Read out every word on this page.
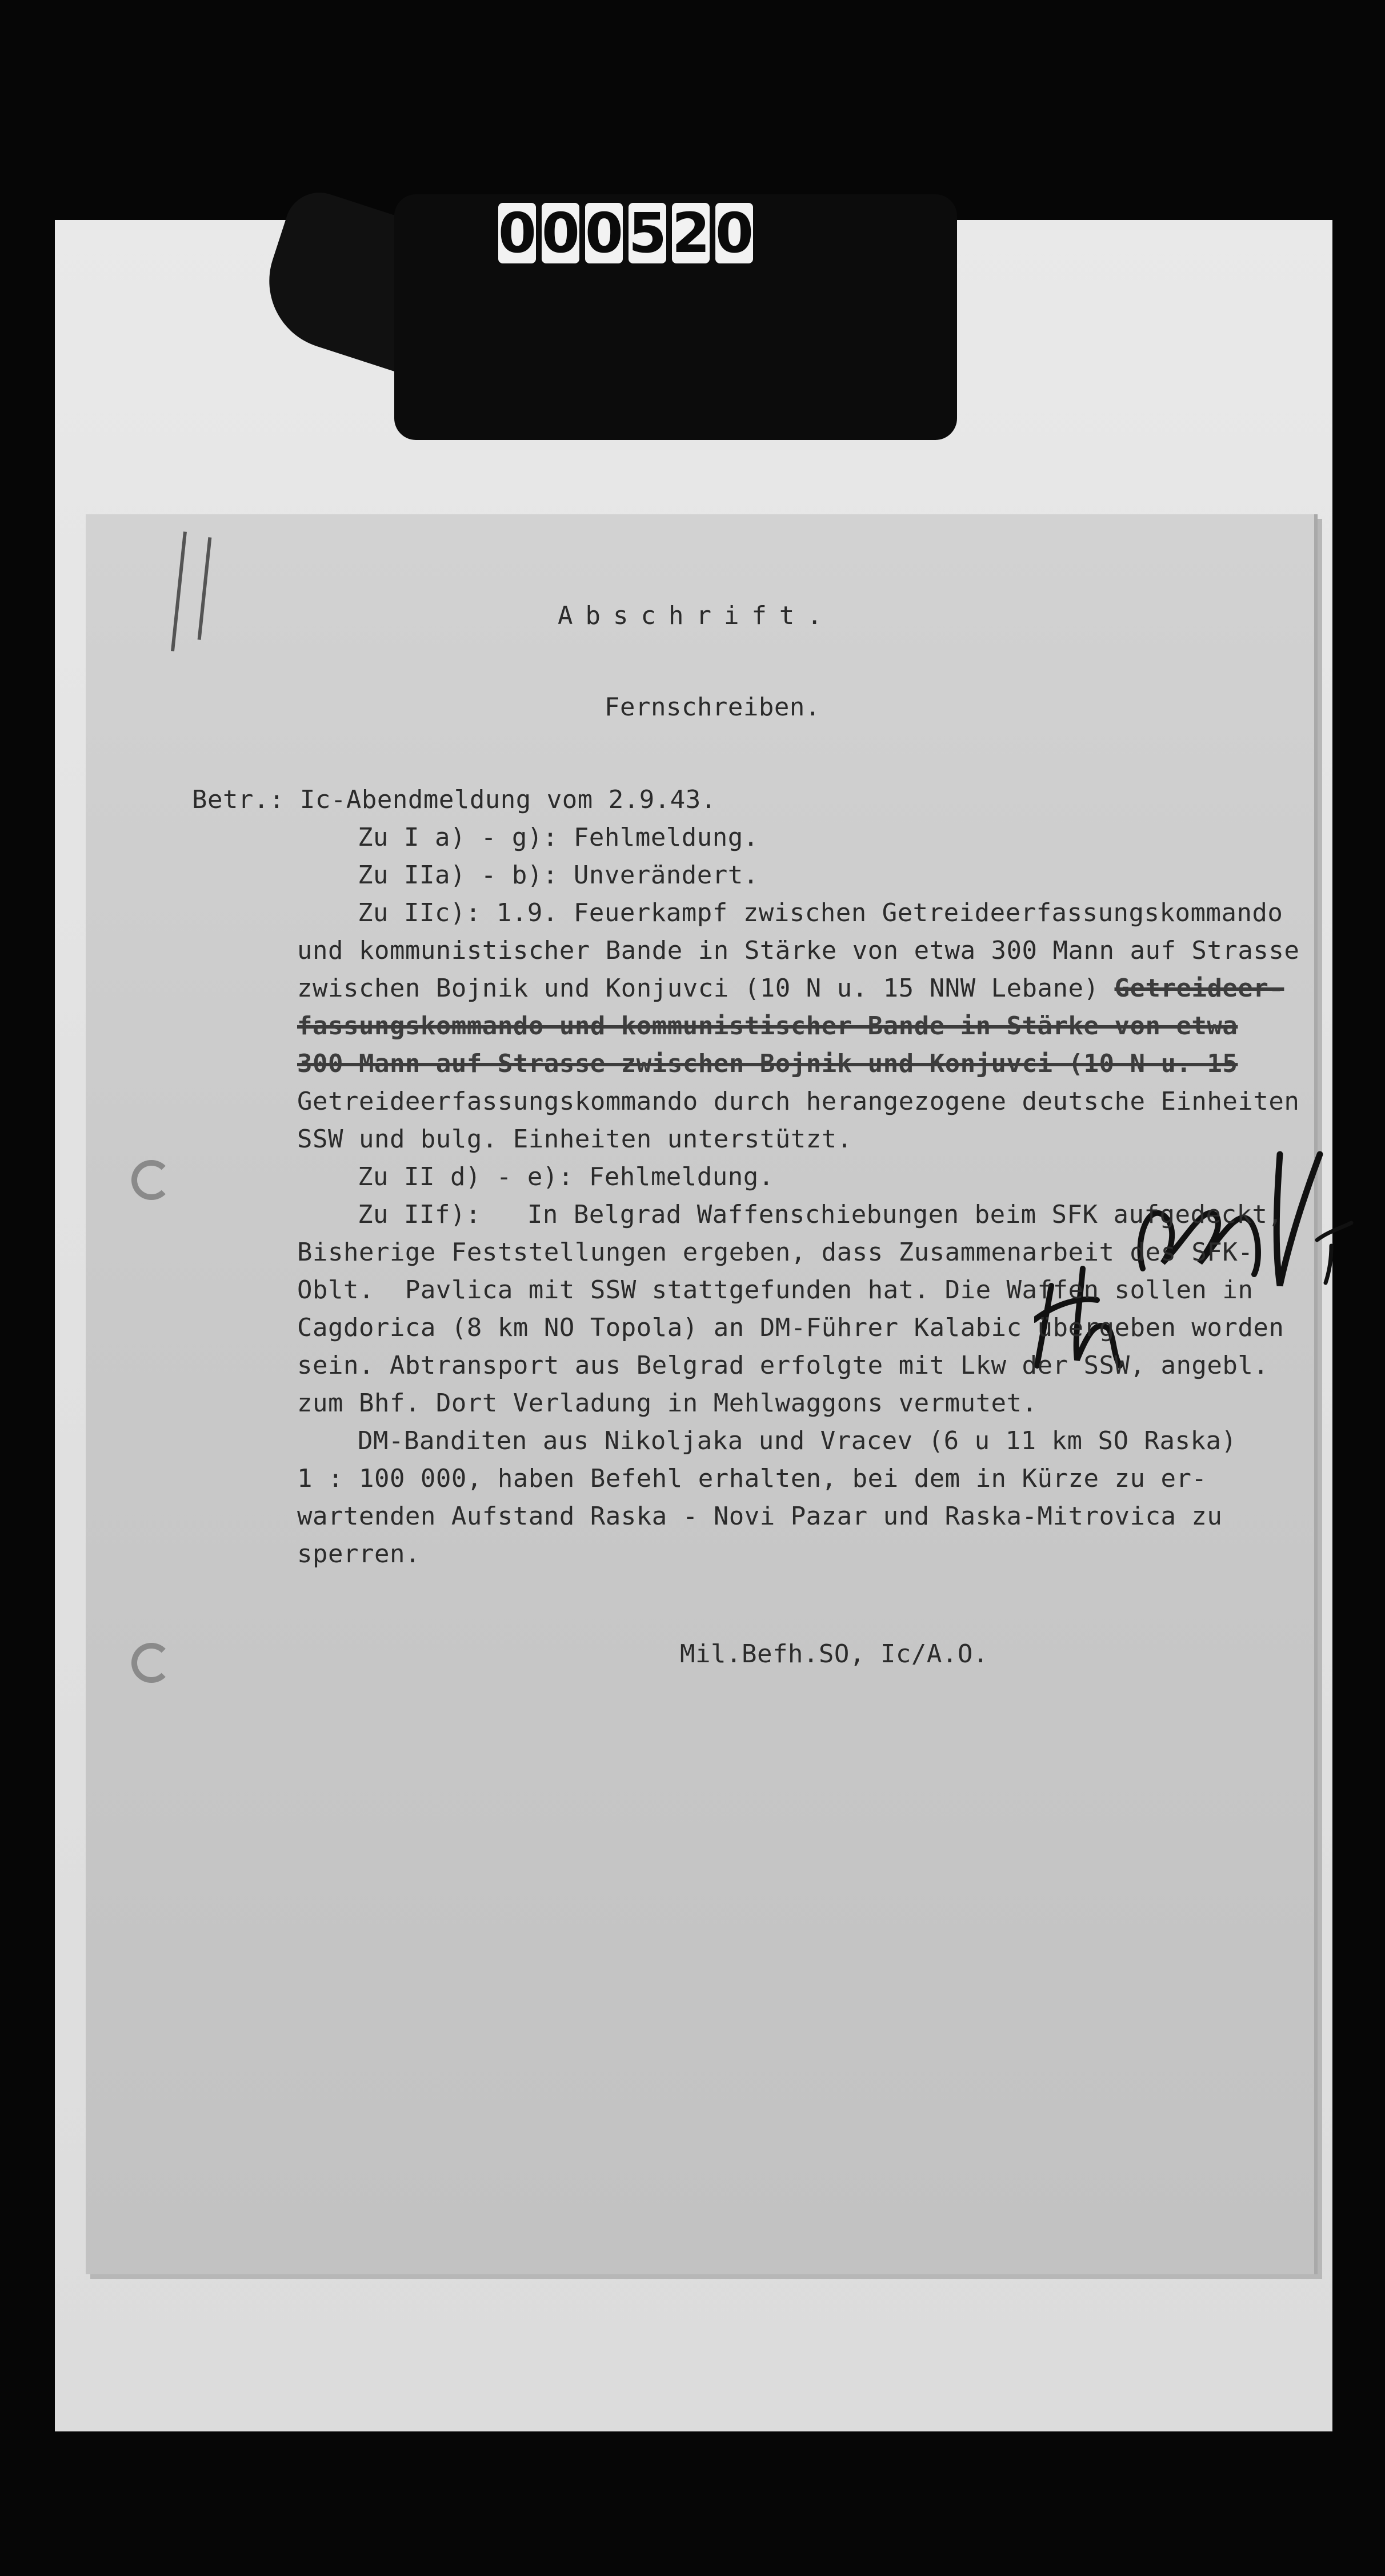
0 0 0 5 2 0
Abschrift.
Fernschreiben.
Betr.: Ic-Abendmeldung vom 2.9.43.
Zu I a) - g): Fehlmeldung.
Zu IIa) - b): Unverändert.
Zu IIc): 1.9. Feuerkampf zwischen Getreideerfassungskommando
und kommunistischer Bande in Stärke von etwa 300 Mann auf Strasse
zwischen Bojnik und Konjuvci (10 N u. 15 NNW Lebane) Getreideer-
fassungskommando und kommunistischer Bande in Stärke von etwa
300 Mann auf Strasse zwischen Bojnik und Konjuvci (10 N u. 15
Getreideerfassungskommando durch herangezogene deutsche Einheiten
SSW und bulg. Einheiten unterstützt.
Zu II d) - e): Fehlmeldung.
Zu IIf):   In Belgrad Waffenschiebungen beim SFK aufgedeckt,
Bisherige Feststellungen ergeben, dass Zusammenarbeit des SFK-
Oblt.  Pavlica mit SSW stattgefunden hat. Die Waffen sollen in
Cagdorica (8 km NO Topola) an DM-Führer Kalabic übergeben worden
sein. Abtransport aus Belgrad erfolgte mit Lkw der SSW, angebl.
zum Bhf. Dort Verladung in Mehlwaggons vermutet.
DM-Banditen aus Nikoljaka und Vracev (6 u 11 km SO Raska)
1 : 100 000, haben Befehl erhalten, bei dem in Kürze zu er-
wartenden Aufstand Raska - Novi Pazar und Raska-Mitrovica zu
sperren.
Mil.Befh.SO, Ic/A.O.
